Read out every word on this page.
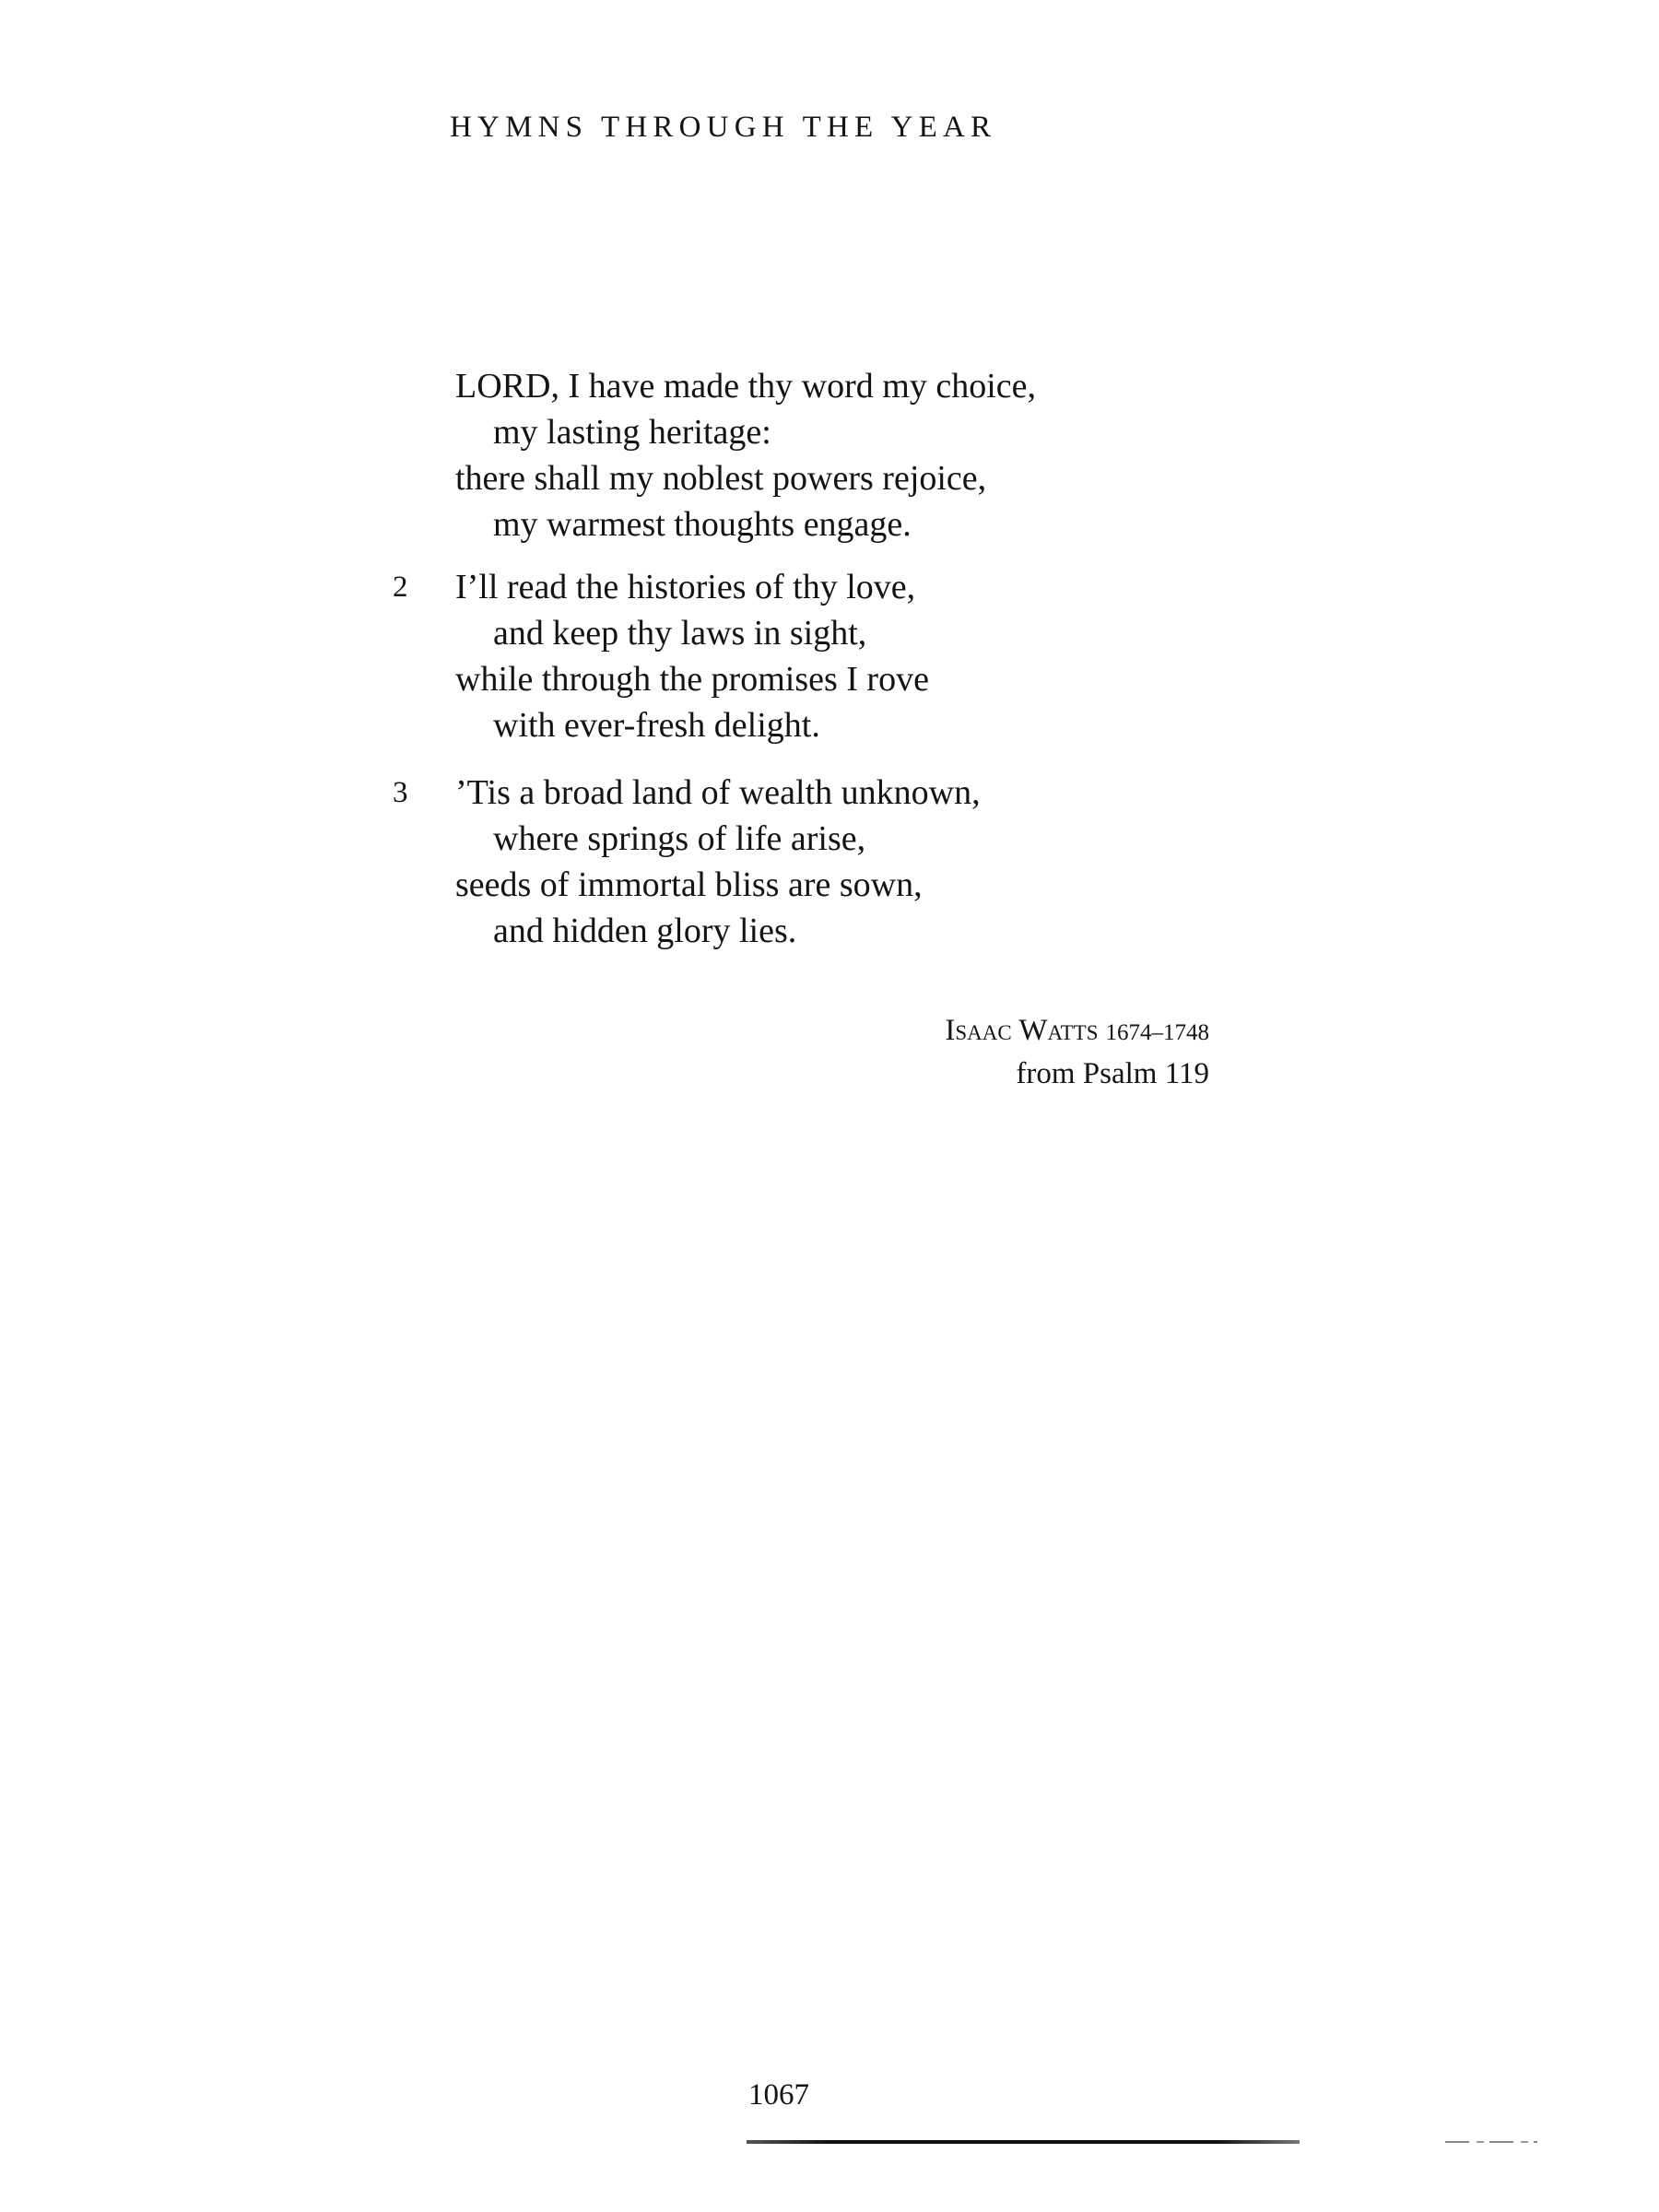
HYMNS THROUGH THE YEAR
LORD, I have made thy word my choice,
my lasting heritage:
there shall my noblest powers rejoice,
my warmest thoughts engage.
2 I’ll read the histories of thy love,
and keep thy laws in sight,
while through the promises I rove
with ever-fresh delight.
3 ’Tis a broad land of wealth unknown,
where springs of life arise,
seeds of immortal bliss are sown,
and hidden glory lies.
Isaac Watts 1674–1748
from Psalm 119
1067
